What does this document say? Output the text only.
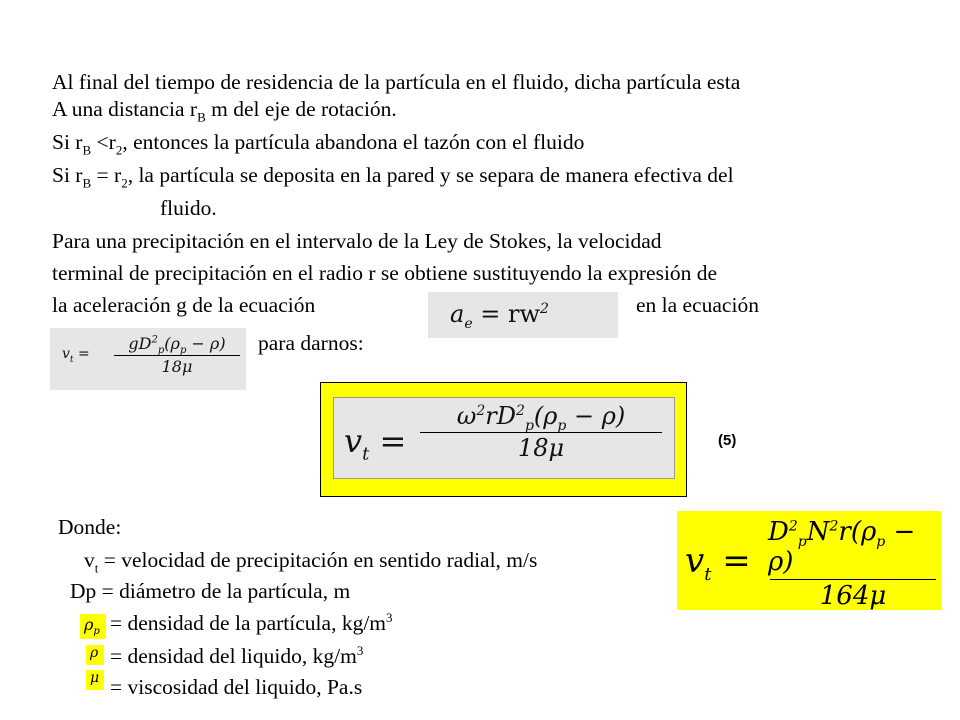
Al final del tiempo de residencia de la partícula en el fluido, dicha partícula esta
A una distancia $r_B$ m del eje de rotación.
Si $r_B <r_2$, entonces la partícula abandona el tazón con el fluido
Si $r_B = r_2$, la partícula se deposita en la pared y se separa de manera efectiva del
fluido.
Para una precipitación en el intervalo de la Ley de Stokes, la velocidad
terminal de precipitación en el radio r se obtiene sustituyendo la expresión de
la aceleración g de la ecuación	en la ecuación
para darnos:
$a_e = rw^2$
$v_t = \frac{gD^2_p(\rho_p - \rho)}{18\mu}$
$v_t = \frac{\omega^2rD^2_p(\rho_p - \rho)}{18\mu}$	(5)
Donde:
$v_t$ = velocidad de precipitación en sentido radial, m/s
Dp = diámetro de la partícula, m
$\rho_p$ = densidad de la partícula, $kg/m^3$
ρ = densidad del liquido, $kg/m^3$
μ = viscosidad del liquido, Pa.s
$v_t = \frac{D^2_pN^2r(\rho_p - \rho)}{164\mu}$
